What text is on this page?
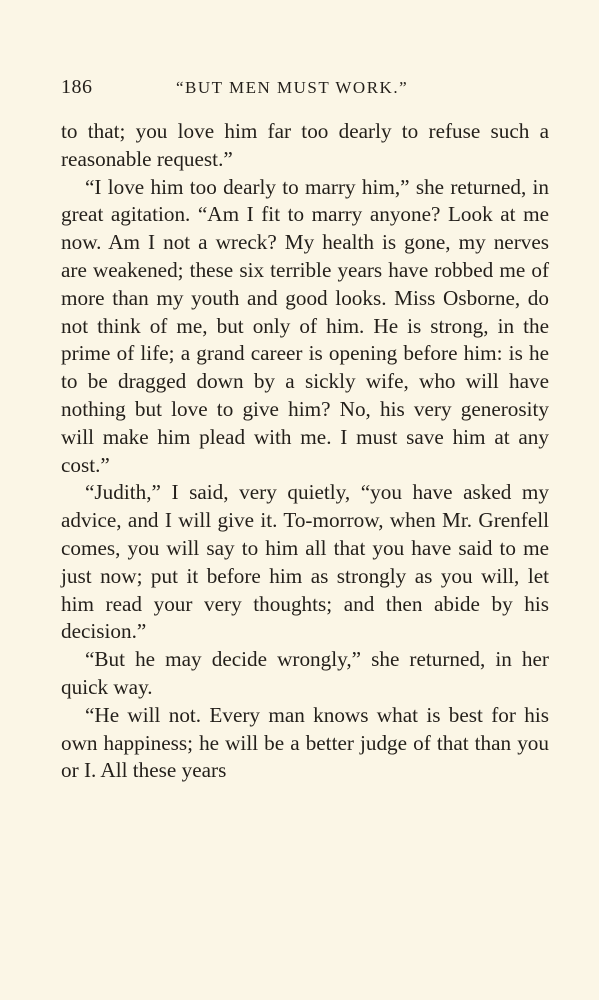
186	“BUT MEN MUST WORK.”

to that; you love him far too dearly to refuse such a reasonable request.”

“I love him too dearly to marry him,” she returned, in great agitation. “Am I fit to marry anyone? Look at me now. Am I not a wreck? My health is gone, my nerves are weakened; these six terrible years have robbed me of more than my youth and good looks. Miss Osborne, do not think of me, but only of him. He is strong, in the prime of life; a grand career is opening before him: is he to be dragged down by a sickly wife, who will have nothing but love to give him? No, his very generosity will make him plead with me. I must save him at any cost.”

“Judith,” I said, very quietly, “you have asked my advice, and I will give it. To-morrow, when Mr. Grenfell comes, you will say to him all that you have said to me just now; put it before him as strongly as you will, let him read your very thoughts; and then abide by his decision.”

“But he may decide wrongly,” she returned, in her quick way.

“He will not. Every man knows what is best for his own happiness; he will be a better judge of that than you or I. All these years
